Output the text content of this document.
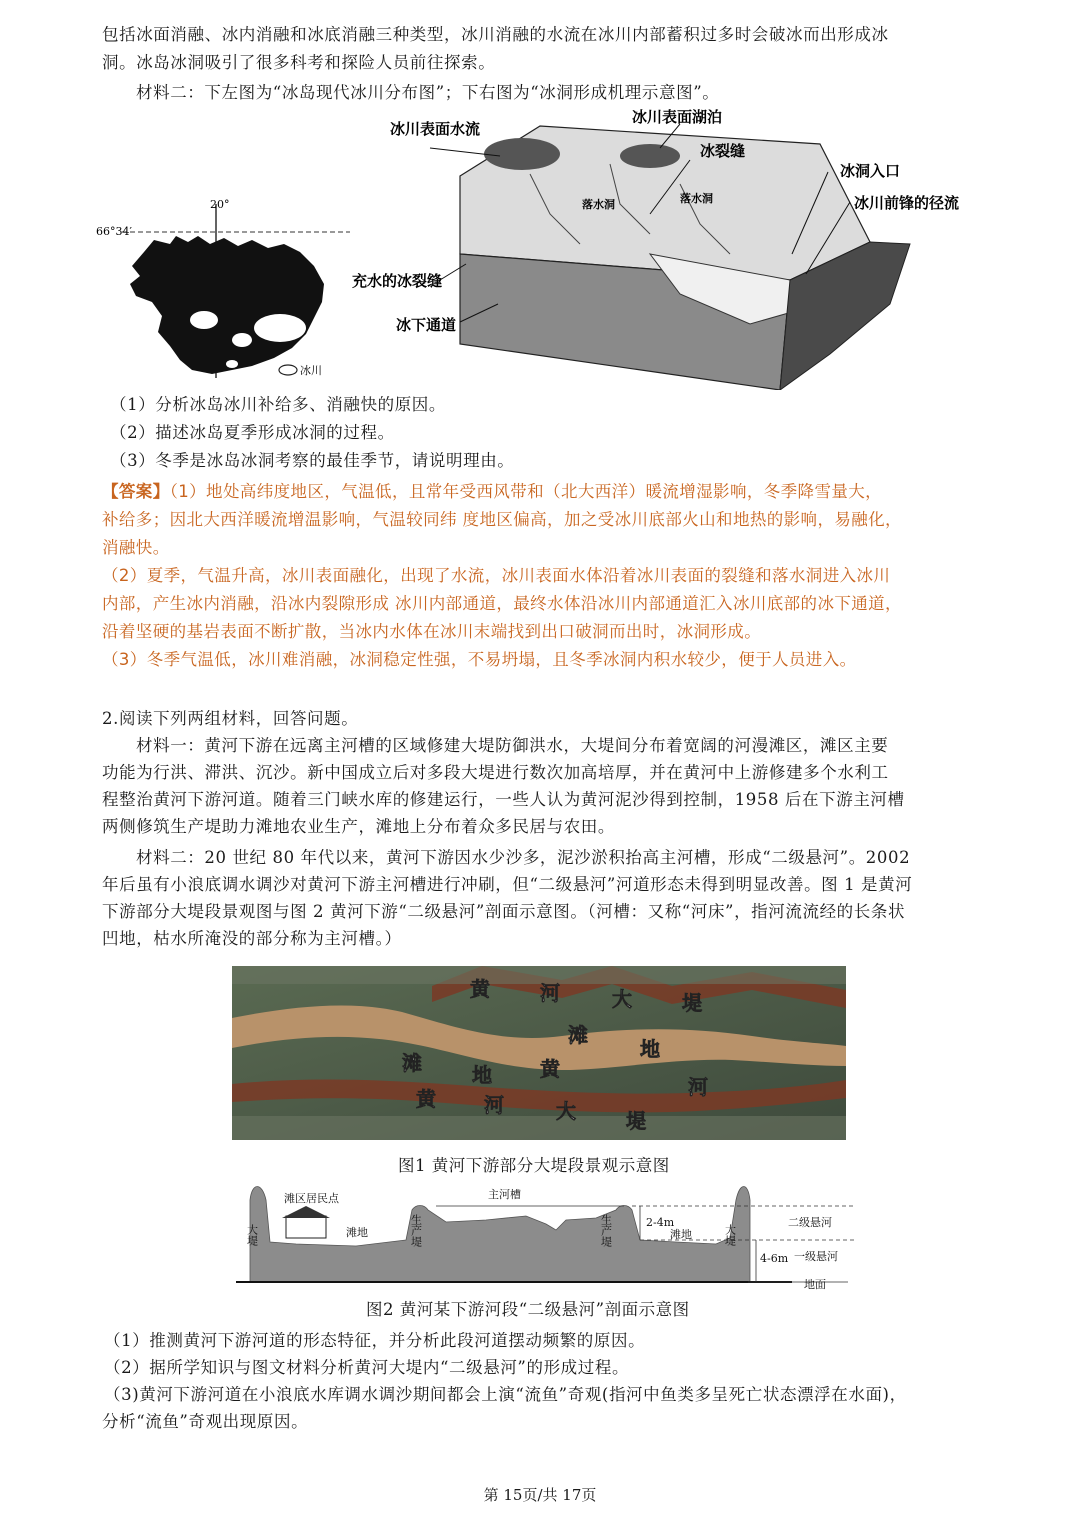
包括冰面消融、冰内消融和冰底消融三种类型，冰川消融的水流在冰川内部蓄积过多时会破冰而出形成冰
洞。冰岛冰洞吸引了很多科考和探险人员前往探索。
材料二：下左图为“冰岛现代冰川分布图”；下右图为“冰洞形成机理示意图”。
20°
66°34′
冰川
冰川表面水流
冰川表面湖泊
冰裂缝
冰洞入口
冰川前锋的径流
充水的冰裂缝
冰下通道
落水洞	落水洞
（1）分析冰岛冰川补给多、消融快的原因。
（2）描述冰岛夏季形成冰洞的过程。
（3）冬季是冰岛冰洞考察的最佳季节，请说明理由。
【答案】（1）地处高纬度地区，气温低，且常年受西风带和（北大西洋）暖流增湿影响，冬季降雪量大，
补给多；因北大西洋暖流增温影响，气温较同纬 度地区偏高，加之受冰川底部火山和地热的影响，易融化，
消融快。
（2）夏季，气温升高，冰川表面融化，出现了水流，冰川表面水体沿着冰川表面的裂缝和落水洞进入冰川
内部，产生冰内消融，沿冰内裂隙形成 冰川内部通道，最终水体沿冰川内部通道汇入冰川底部的冰下通道，
沿着坚硬的基岩表面不断扩散，当冰内水体在冰川末端找到出口破洞而出时，冰洞形成。
（3）冬季气温低，冰川难消融，冰洞稳定性强，不易坍塌，且冬季冰洞内积水较少，便于人员进入。
2.阅读下列两组材料，回答问题。
材料一：黄河下游在远离主河槽的区域修建大堤防御洪水，大堤间分布着宽阔的河漫滩区，滩区主要
功能为行洪、滞洪、沉沙。新中国成立后对多段大堤进行数次加高培厚，并在黄河中上游修建多个水利工
程整治黄河下游河道。随着三门峡水库的修建运行，一些人认为黄河泥沙得到控制，1958 后在下游主河槽
两侧修筑生产堤助力滩地农业生产，滩地上分布着众多民居与农田。
材料二：20 世纪 80 年代以来，黄河下游因水少沙多，泥沙淤积抬高主河槽，形成“二级悬河”。2002
年后虽有小浪底调水调沙对黄河下游主河槽进行冲刷，但“二级悬河”河道形态未得到明显改善。图 1 是黄河
下游部分大堤段景观图与图 2 黄河下游“二级悬河”剖面示意图。（河槽：又称“河床”，指河流流经的长条状
凹地，枯水所淹没的部分称为主河槽。）
黄	河	大	堤
滩
地
黄
河
滩	地
黄 河	大	堤
图1 黄河下游部分大堤段景观示意图
主河槽
滩区居民点
滩地	滩地
2-4m
4-6m
二级悬河
一级悬河
地面
大堤	大堤
生产堤	生产堤
图2 黄河某下游河段“二级悬河”剖面示意图
（1）推测黄河下游河道的形态特征，并分析此段河道摆动频繁的原因。
（2）据所学知识与图文材料分析黄河大堤内“二级悬河”的形成过程。
（3)黄河下游河道在小浪底水库调水调沙期间都会上演“流鱼”奇观(指河中鱼类多呈死亡状态漂浮在水面)，
分析“流鱼”奇观出现原因。
第 15页/共 17页
